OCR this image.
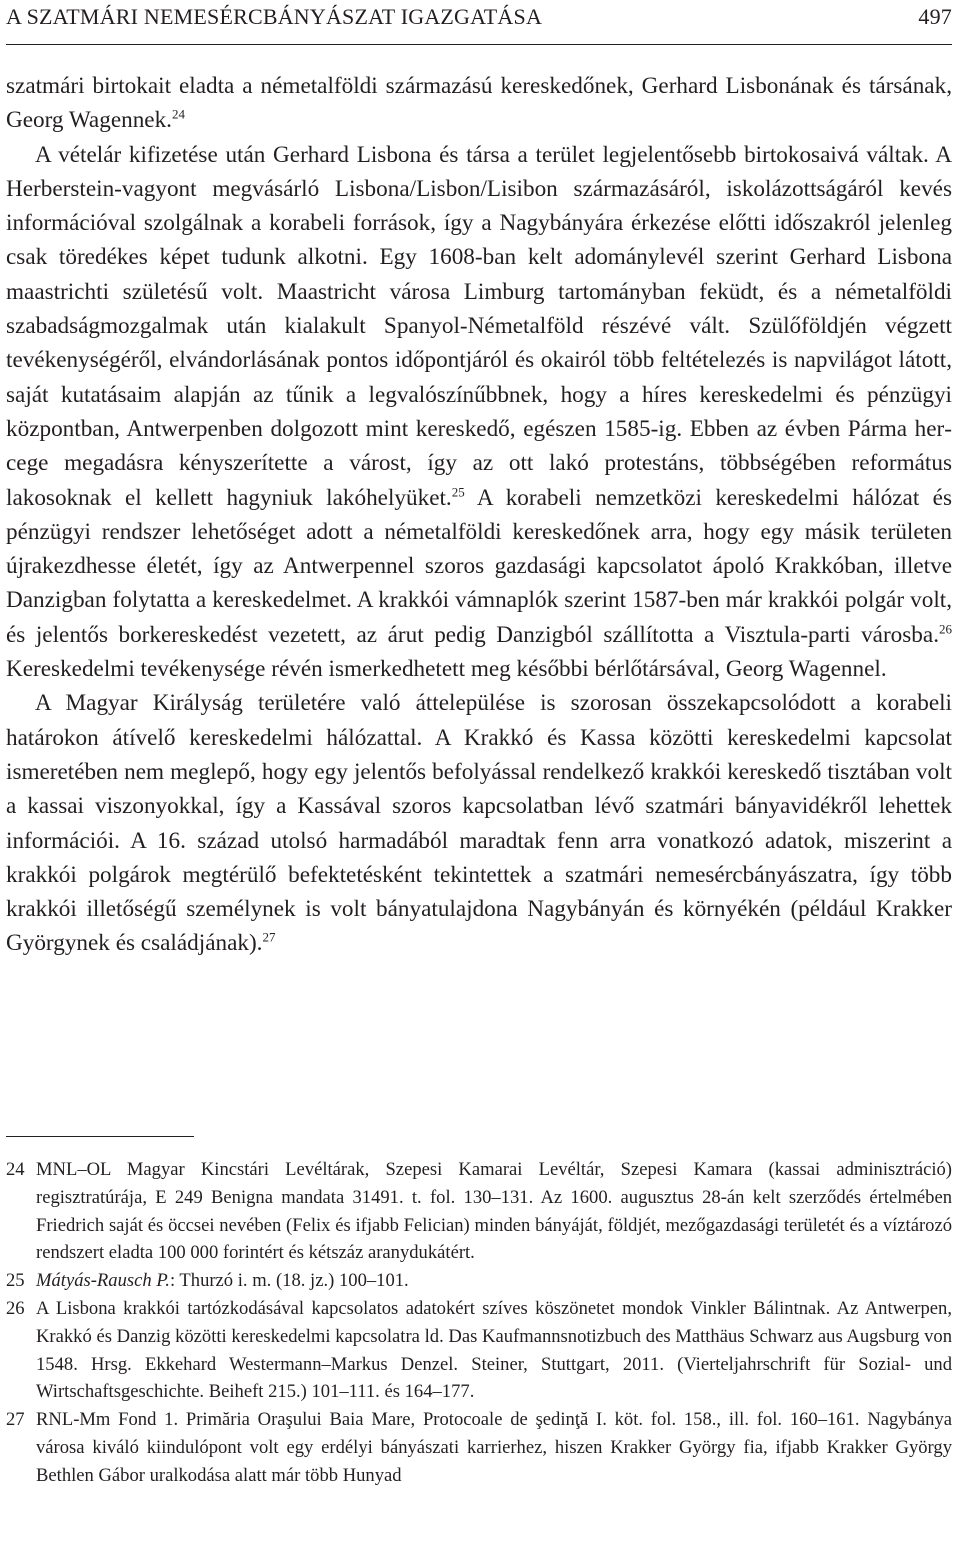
A SZATMÁRI NEMESÉRCBÁNYÁSZAT IGAZGATÁSA	497

szatmári birtokait eladta a németalföldi származású kereskedőnek, Gerhard Lisbonának és társának, Georg Wagennek.$^{24}$

A vételár kifizetése után Gerhard Lisbona és társa a terület legjelentősebb birtokosaivá váltak. A Herberstein-vagyont megvásárló Lisbona/Lisbon/Lisibon származásáról, iskolázottságáról kevés információval szolgálnak a korabeli források, így a Nagybányára érkezése előtti időszakról jelenleg csak töredékes képet tudunk alkotni. Egy 1608-ban kelt adománylevél szerint Gerhard Lisbona maastrichti születésű volt. Maastricht városa Limburg tartományban feküdt, és a németalföldi szabadságmozgalmak után kialakult Spanyol-Németalföld részévé vált. Szülőföldjén végzett tevékenységéről, elvándorlásának pontos időpontjáról és okairól több feltételezés is napvilágot látott, saját kutatásaim alapján az tűnik a legvalószínűbbnek, hogy a híres kereskedelmi és pénzügyi központban, Antwerpenben dolgozott mint kereskedő, egészen 1585-ig. Ebben az évben Párma hercege megadásra kényszerítette a várost, így az ott lakó protestáns, többségében református lakosoknak el kellett hagyniuk lakóhelyüket.$^{25}$ A korabeli nemzetközi kereskedelmi hálózat és pénzügyi rendszer lehetőséget adott a németalföldi kereskedőnek arra, hogy egy másik területen újrakezdhesse életét, így az Antwerpennel szoros gazdasági kapcsolatot ápoló Krakkóban, illetve Danzigban folytatta a kereskedelmet. A krakkói vámnaplók szerint 1587-ben már krakkói polgár volt, és jelentős borkereskedést vezetett, az árut pedig Danzigból szállította a Visztula-parti városba.$^{26}$ Kereskedelmi tevékenysége révén ismerkedhetett meg későbbi bérlőtársával, Georg Wagennel.

A Magyar Királyság területére való áttelepülése is szorosan összekapcsolódott a korabeli határokon átívelő kereskedelmi hálózattal. A Krakkó és Kassa közötti kereskedelmi kapcsolat ismeretében nem meglepő, hogy egy jelentős befolyással rendelkező krakkói kereskedő tisztában volt a kassai viszonyokkal, így a Kassával szoros kapcsolatban lévő szatmári bányavidékről lehettek információi. A 16. század utolsó harmadából maradtak fenn arra vonatkozó adatok, miszerint a krakkói polgárok megtérülő befektetésként tekintettek a szatmári nemesércbányászatra, így több krakkói illetőségű személynek is volt bányatulajdona Nagybányán és környékén (például Krakker Györgynek és családjának).$^{27}$

24 MNL–OL Magyar Kincstári Levéltárak, Szepesi Kamarai Levéltár, Szepesi Kamara (kassai adminisztráció) regisztratúrája, E 249 Benigna mandata 31491. t. fol. 130–131. Az 1600. augusztus 28-án kelt szerződés értelmében Friedrich saját és öccsei nevében (Felix és ifjabb Felician) minden bányáját, földjét, mezőgazdasági területét és a víztározó rendszert eladta 100 000 forintért és kétszáz aranydukátért.
25 Mátyás-Rausch P.: Thurzó i. m. (18. jz.) 100–101.
26 A Lisbona krakkói tartózkodásával kapcsolatos adatokért szíves köszönetet mondok Vinkler Bálintnak. Az Antwerpen, Krakkó és Danzig közötti kereskedelmi kapcsolatra ld. Das Kaufmannsnotizbuch des Matthäus Schwarz aus Augsburg von 1548. Hrsg. Ekkehard Westermann–Markus Denzel. Steiner, Stuttgart, 2011. (Vierteljahrschrift für Sozial- und Wirtschaftsgeschichte. Beiheft 215.) 101–111. és 164–177.
27 RNL-Mm Fond 1. Primăria Oraşului Baia Mare, Protocoale de şedinţă I. köt. fol. 158., ill. fol. 160–161. Nagybánya városa kiváló kiindulópont volt egy erdélyi bányászati karrierhez, hiszen Krakker György fia, ifjabb Krakker György Bethlen Gábor uralkodása alatt már több Hunyad
